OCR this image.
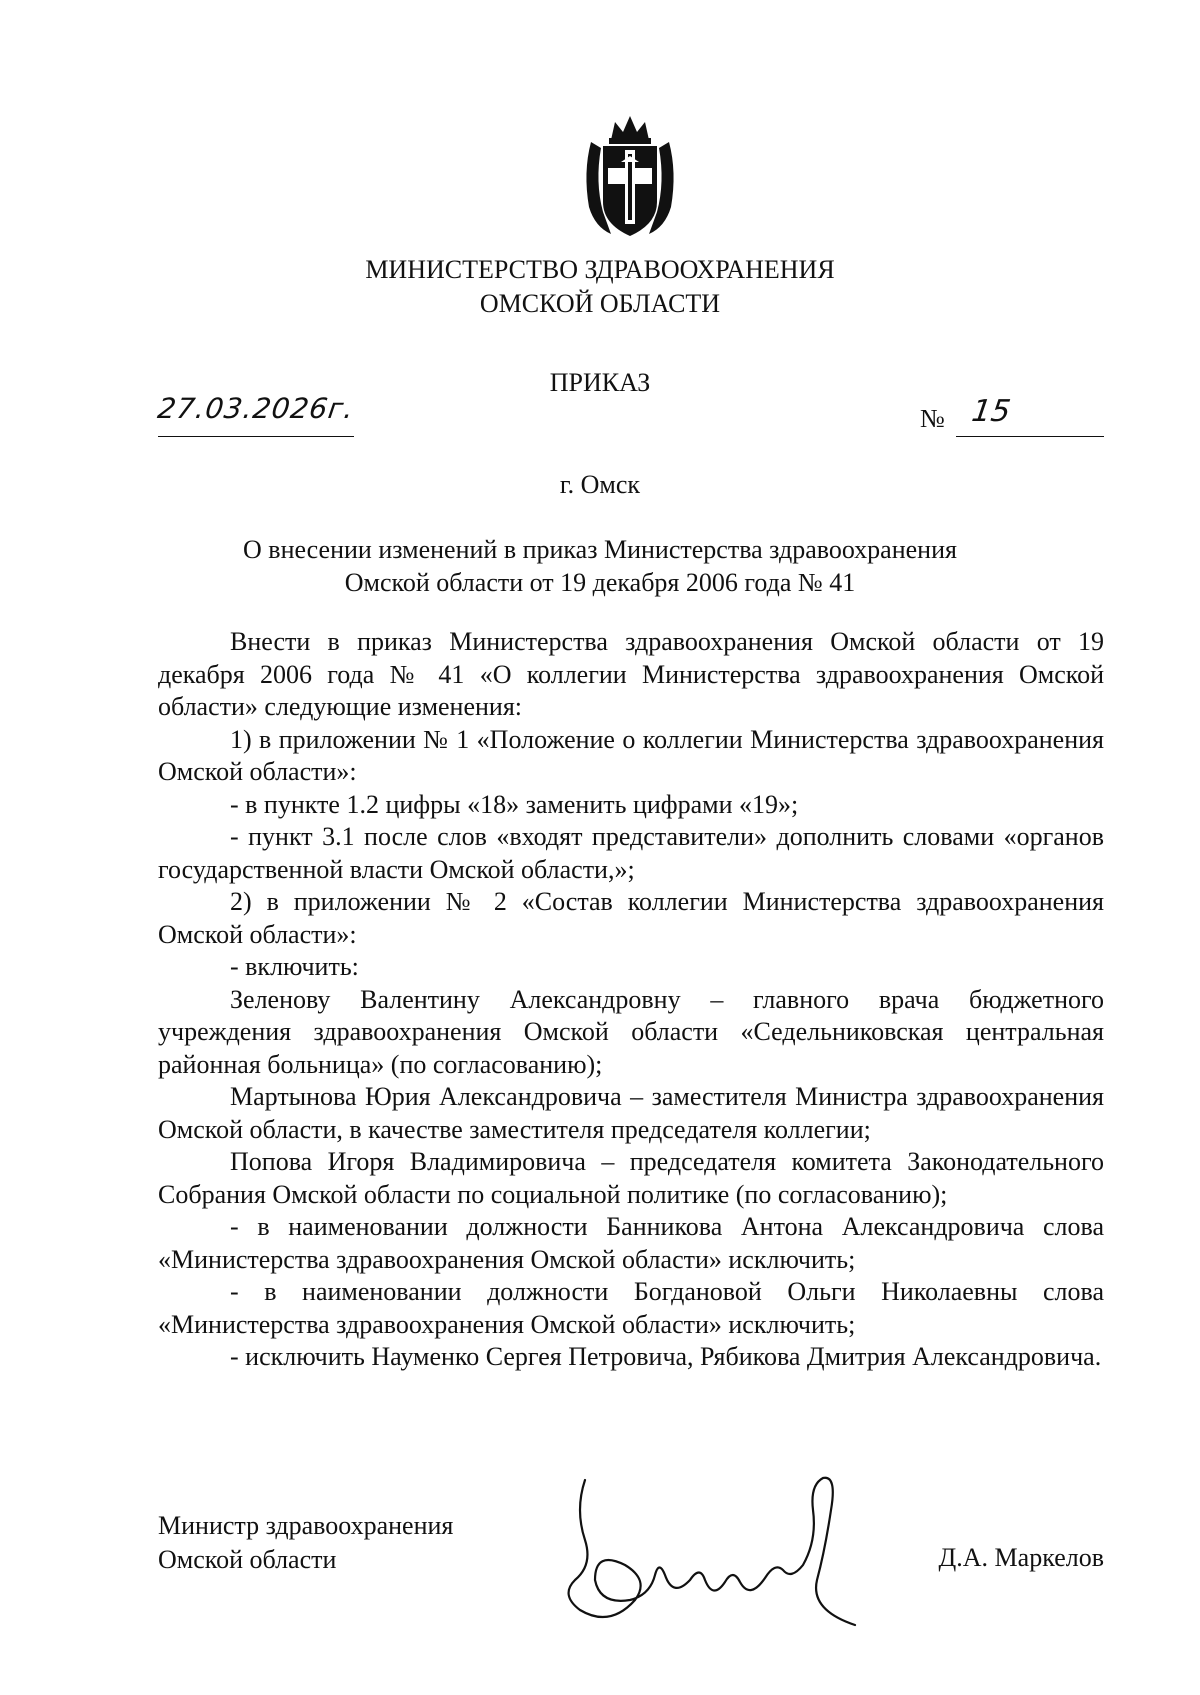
МИНИСТЕРСТВО ЗДРАВООХРАНЕНИЯ
ОМСКОЙ ОБЛАСТИ
ПРИКАЗ
27.03.2026г.	№ 15
г. Омск
О внесении изменений в приказ Министерства здравоохранения
Омской области от 19 декабря 2006 года № 41

Внести в приказ Министерства здравоохранения Омской области от 19 декабря 2006 года № 41 «О коллегии Министерства здравоохранения Омской области» следующие изменения:

1) в приложении № 1 «Положение о коллегии Министерства здравоохранения Омской области»:

- в пункте 1.2 цифры «18» заменить цифрами «19»;

- пункт 3.1 после слов «входят представители» дополнить словами «органов государственной власти Омской области,»;

2) в приложении № 2 «Состав коллегии Министерства здравоохранения Омской области»:

- включить:

Зеленову Валентину Александровну – главного врача бюджетного учреждения здравоохранения Омской области «Седельниковская центральная районная больница» (по согласованию);

Мартынова Юрия Александровича – заместителя Министра здравоохранения Омской области, в качестве заместителя председателя коллегии;

Попова Игоря Владимировича – председателя комитета Законодательного Собрания Омской области по социальной политике (по согласованию);

- в наименовании должности Банникова Антона Александровича слова «Министерства здравоохранения Омской области» исключить;

- в наименовании должности Богдановой Ольги Николаевны слова «Министерства здравоохранения Омской области» исключить;

- исключить Науменко Сергея Петровича, Рябикова Дмитрия Александровича.

Министр здравоохранения
Омской области	Д.А. Маркелов
